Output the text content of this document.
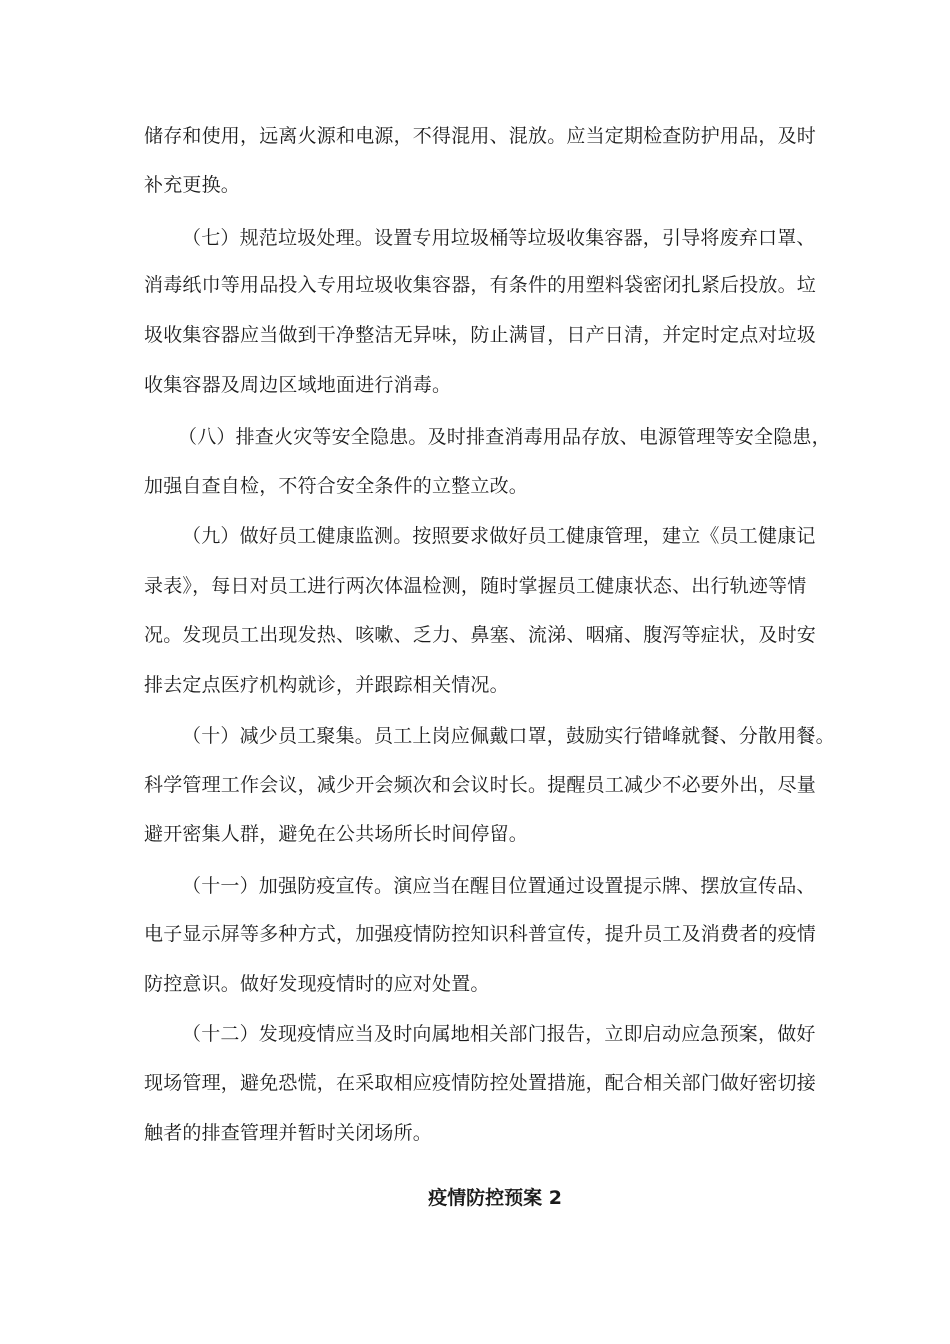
储存和使用，远离火源和电源，不得混用、混放。应当定期检查防护用品，及时
补充更换。
（七）规范垃圾处理。设置专用垃圾桶等垃圾收集容器，引导将废弃口罩、
消毒纸巾等用品投入专用垃圾收集容器，有条件的用塑料袋密闭扎紧后投放。垃
圾收集容器应当做到干净整洁无异味，防止满冒，日产日清，并定时定点对垃圾
收集容器及周边区域地面进行消毒。
（八）排查火灾等安全隐患。及时排查消毒用品存放、电源管理等安全隐患，
加强自查自检，不符合安全条件的立整立改。
（九）做好员工健康监测。按照要求做好员工健康管理，建立《员工健康记
录表》，每日对员工进行两次体温检测，随时掌握员工健康状态、出行轨迹等情
况。发现员工出现发热、咳嗽、乏力、鼻塞、流涕、咽痛、腹泻等症状，及时安
排去定点医疗机构就诊，并跟踪相关情况。
（十）减少员工聚集。员工上岗应佩戴口罩，鼓励实行错峰就餐、分散用餐。
科学管理工作会议，减少开会频次和会议时长。提醒员工减少不必要外出，尽量
避开密集人群，避免在公共场所长时间停留。
（十一）加强防疫宣传。演应当在醒目位置通过设置提示牌、摆放宣传品、
电子显示屏等多种方式，加强疫情防控知识科普宣传，提升员工及消费者的疫情
防控意识。做好发现疫情时的应对处置。
（十二）发现疫情应当及时向属地相关部门报告，立即启动应急预案，做好
现场管理，避免恐慌，在采取相应疫情防控处置措施，配合相关部门做好密切接
触者的排查管理并暂时关闭场所。
疫情防控预案 2
